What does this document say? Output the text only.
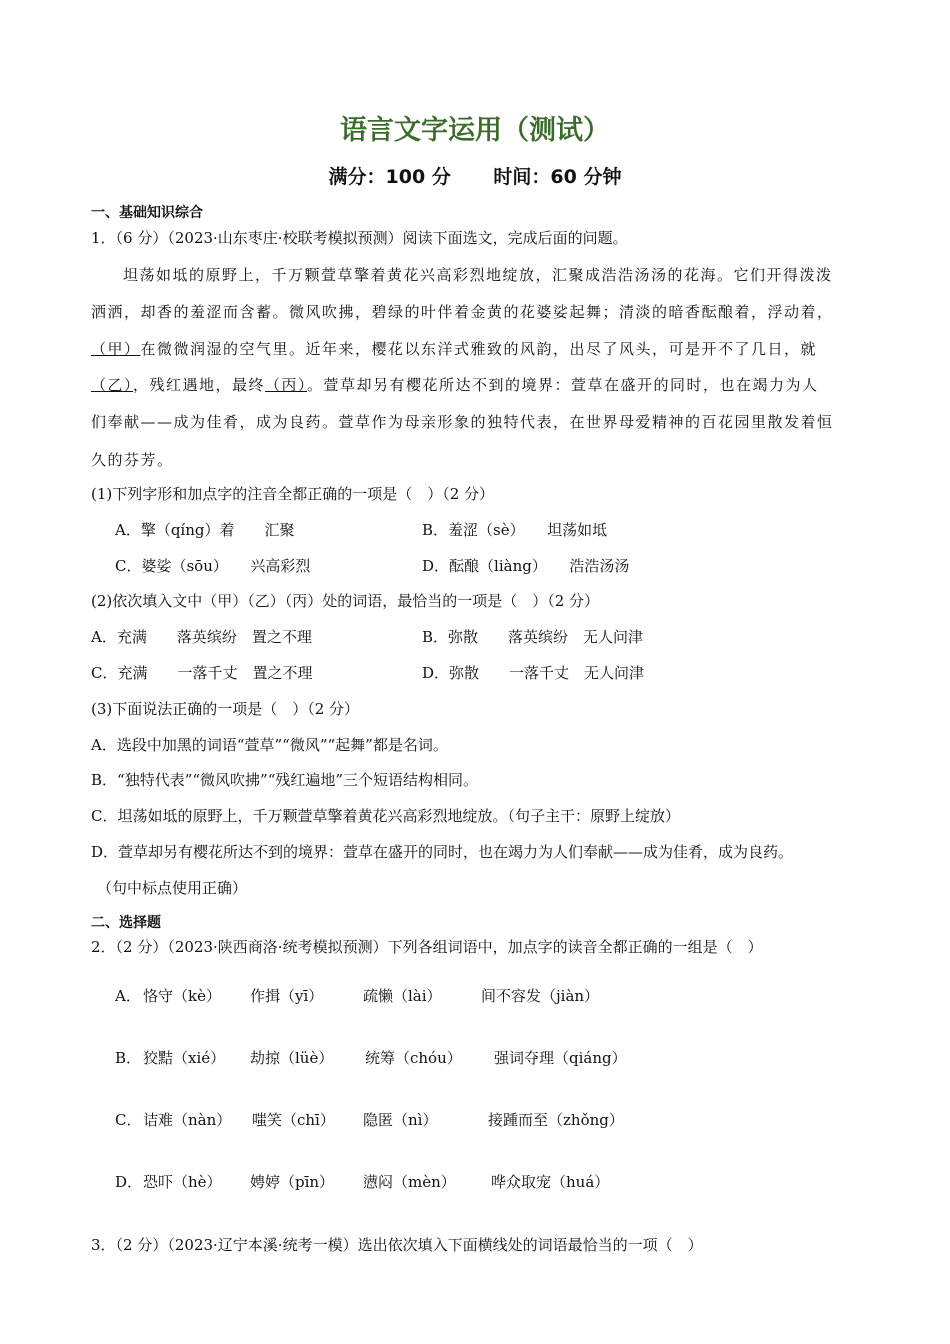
语言文字运用（测试）
满分：100 分 时间：60 分钟
一、基础知识综合
1．（6 分）（2023·山东枣庄·校联考模拟预测）阅读下面选文，完成后面的问题。
坦荡如坻的原野上，千万颗萱草擎着黄花兴高彩烈地绽放，汇聚成浩浩汤汤的花海。它们开得泼泼
洒洒，却香的羞涩而含蓄。微风吹拂，碧绿的叶伴着金黄的花婆娑起舞；清淡的暗香酝酿着，浮动着，
（甲）在微微润湿的空气里。近年来，樱花以东洋式雅致的风韵，出尽了风头，可是开不了几日，就
（乙），残红遇地，最终（丙）。萱草却另有樱花所达不到的境界：萱草在盛开的同时，也在竭力为人
们奉献——成为佳肴，成为良药。萱草作为母亲形象的独特代表，在世界母爱精神的百花园里散发着恒
久的芬芳。
(1)下列字形和加点字的注音全都正确的一项是（　）（2 分）
A．擎（qíng）着　　汇聚	B．羞涩（sè）　　坦荡如坻
C．婆娑（sōu）　　兴高彩烈	D．酝酿（liàng）　　浩浩汤汤
(2)依次填入文中（甲）（乙）（丙）处的词语，最恰当的一项是（　）（2 分）
A．充满　　落英缤纷　置之不理	B．弥散　　落英缤纷　无人问津
C．充满　　一落千丈　置之不理	D．弥散　　一落千丈　无人问津
(3)下面说法正确的一项是（　）（2 分）
A．选段中加黑的词语“萱草”“微风”“起舞”都是名词。
B．“独特代表”“微风吹拂”“残红遍地”三个短语结构相同。
C．坦荡如坻的原野上，千万颗萱草擎着黄花兴高彩烈地绽放。（句子主干：原野上绽放）
D．萱草却另有樱花所达不到的境界：萱草在盛开的同时，也在竭力为人们奉献——成为佳肴，成为良药。
（句中标点使用正确）
二、选择题
2．（2 分）（2023·陕西商洛·统考模拟预测）下列各组词语中，加点字的读音全都正确的一组是（　）
A． 恪守（kè） 作揖（yī）	疏懒（lài）	间不容发（jiàn）
B． 狡黠（xié） 劫掠（lüè） 统筹（chóu） 强词夺理（qiáng）
C． 诘难（nàn） 嗤笑（chī） 隐匿（nì）	接踵而至（zhǒng）
D． 恐吓（hè） 娉婷（pīn） 懑闷（mèn） 哗众取宠（huá）
3．（2 分）（2023·辽宁本溪·统考一模）选出依次填入下面横线处的词语最恰当的一项（　）
